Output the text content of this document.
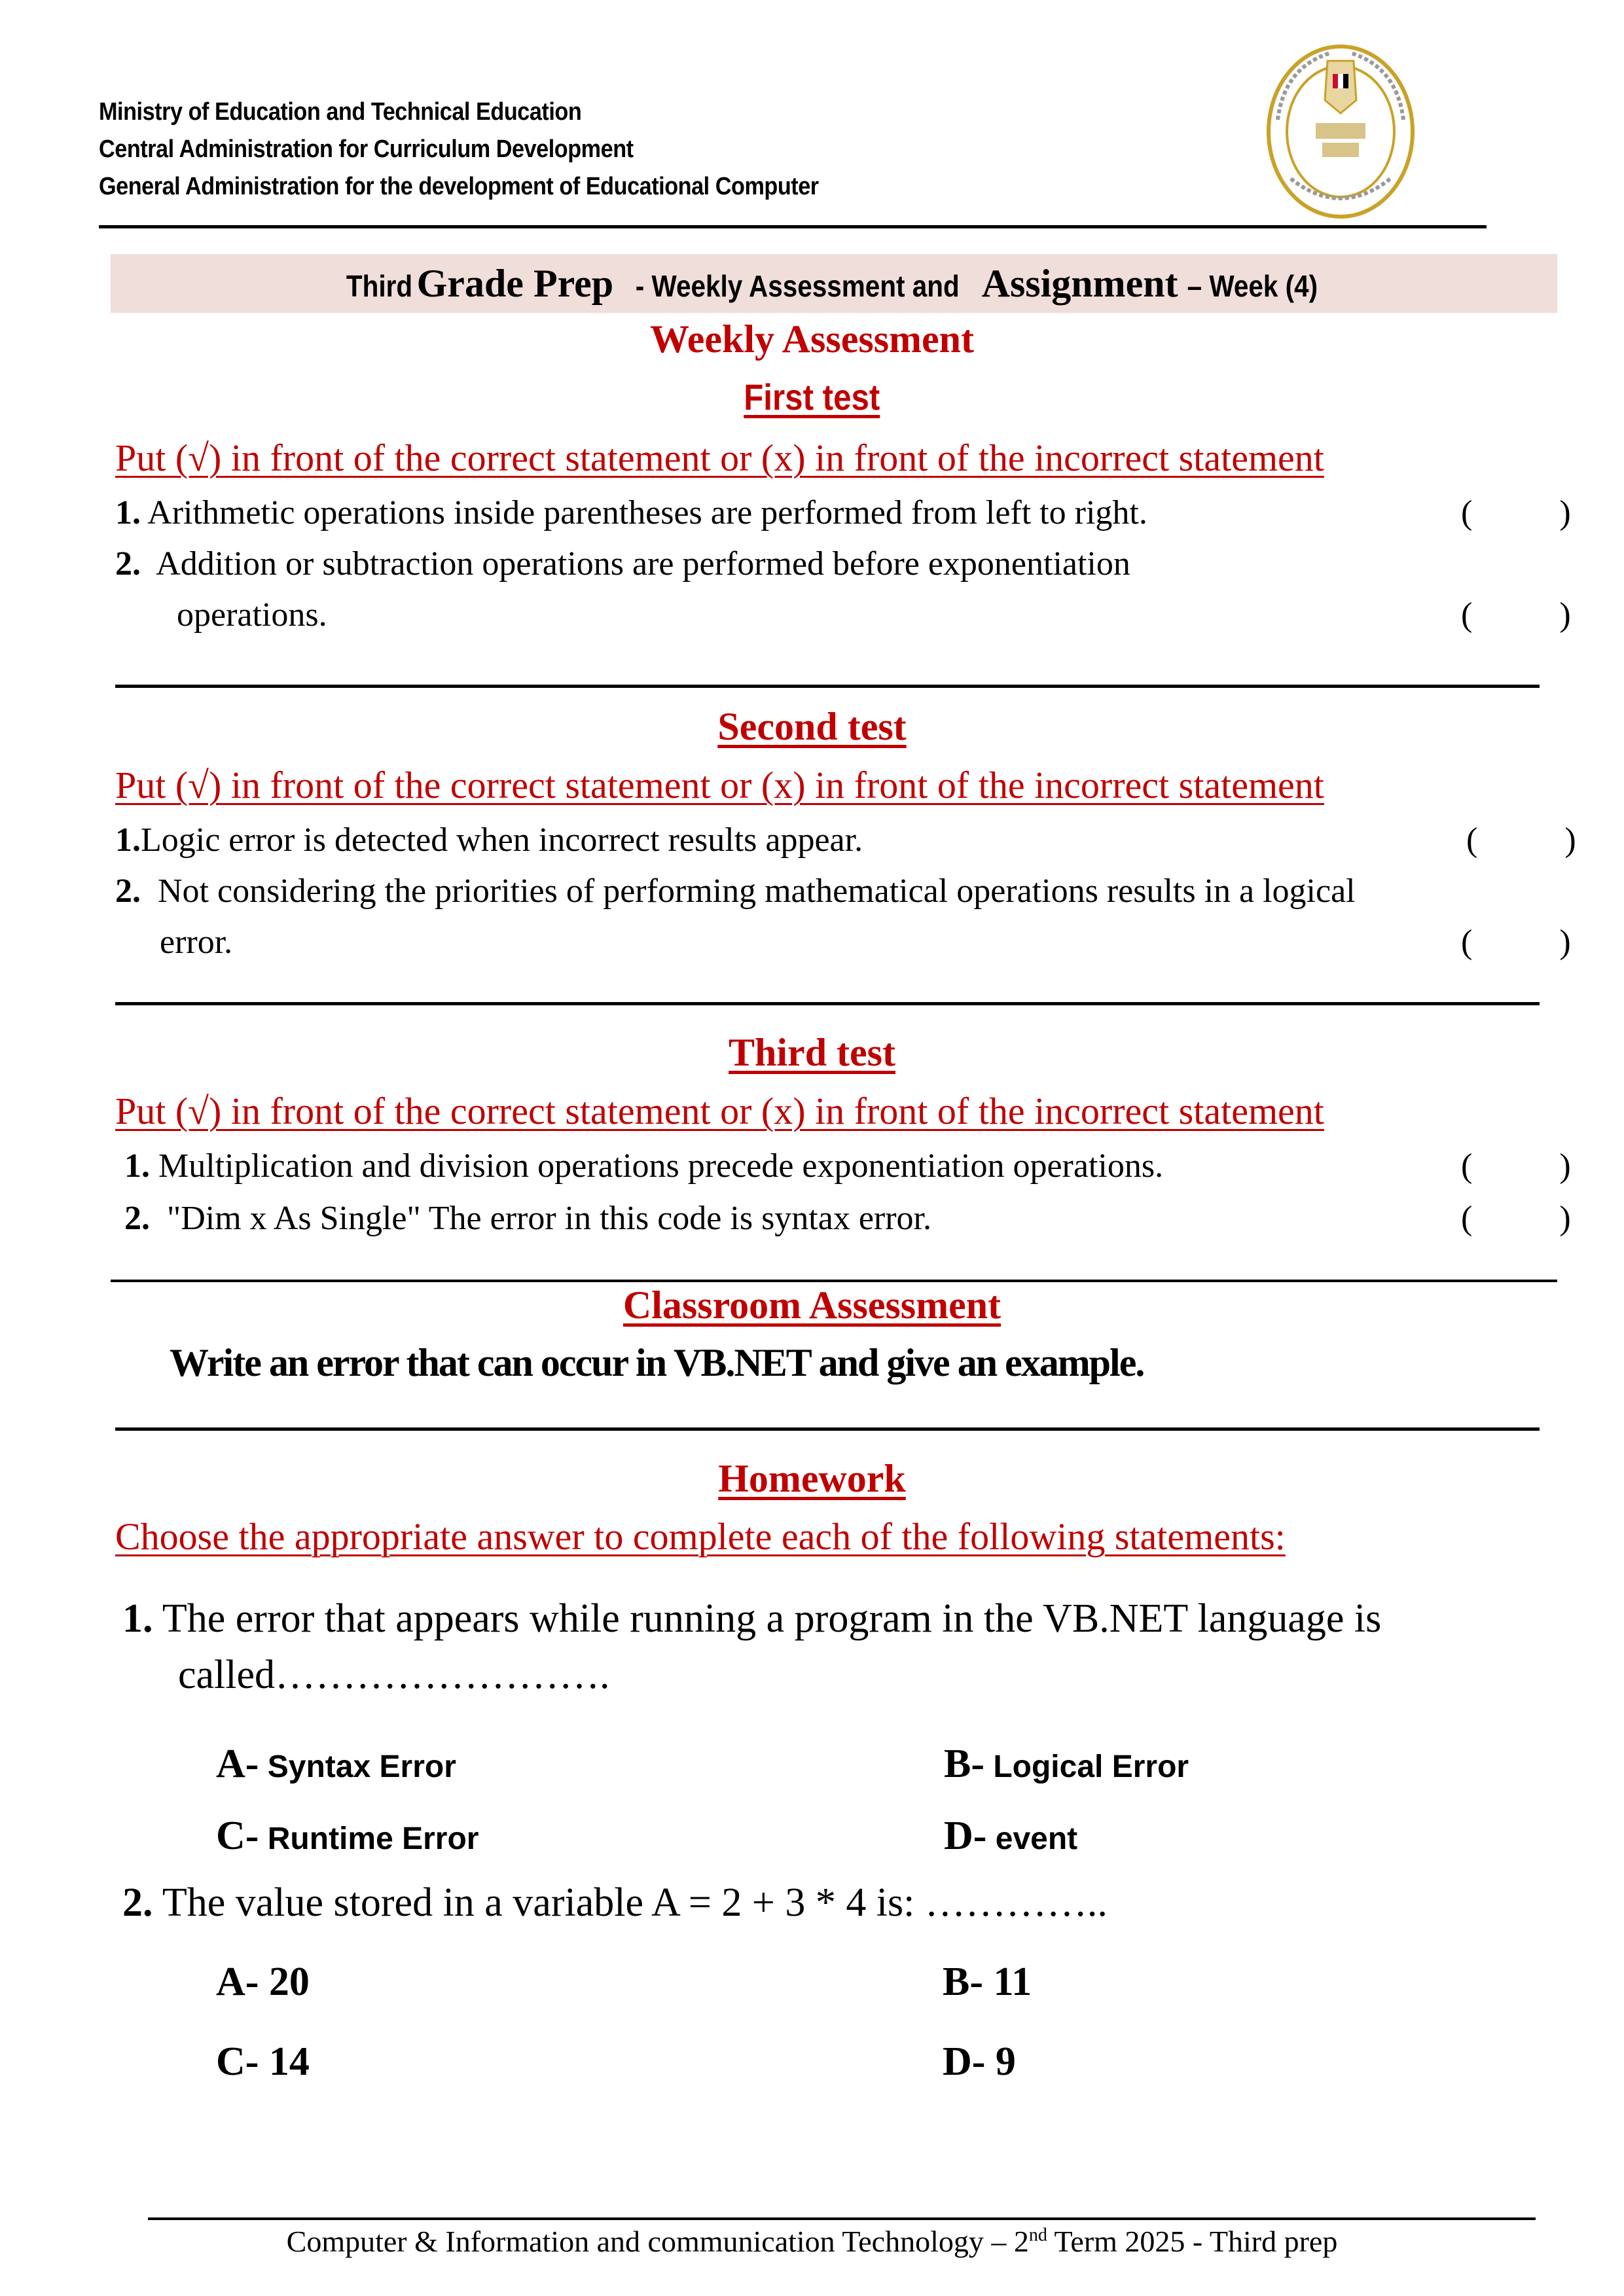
Ministry of Education and Technical Education
Central Administration for Curriculum Development
General Administration for the development of Educational Computer
ThirdGrade Prep- Weekly Assessment andAssignment– Week (4)
Weekly Assessment
First test
Put (√) in front of the correct statement or (x) in front of the incorrect statement
1. Arithmetic operations inside parentheses are performed from left to right.	( )
2. Addition or subtraction operations are performed before exponentiation
operations.	( )
Second test
Put (√) in front of the correct statement or (x) in front of the incorrect statement
1.Logic error is detected when incorrect results appear.	( )
2. Not considering the priorities of performing mathematical operations results in a logical
error.	( )
Third test
Put (√) in front of the correct statement or (x) in front of the incorrect statement
1. Multiplication and division operations precede exponentiation operations.	( )
2. "Dim x As Single" The error in this code is syntax error.	( )
Classroom Assessment
Write an error that can occur in VB.NET and give an example.
Homework
Choose the appropriate answer to complete each of the following statements:
1. The error that appears while running a program in the VB.NET language is
called…………………….
A- Syntax Error	B- Logical Error
C- Runtime Error	D- event
2. The value stored in a variable A = 2 + 3 * 4 is: …………..
A- 20	B- 11
C- 14	D- 9
Computer & Information and communication Technology – 2nd Term 2025 - Third prep
